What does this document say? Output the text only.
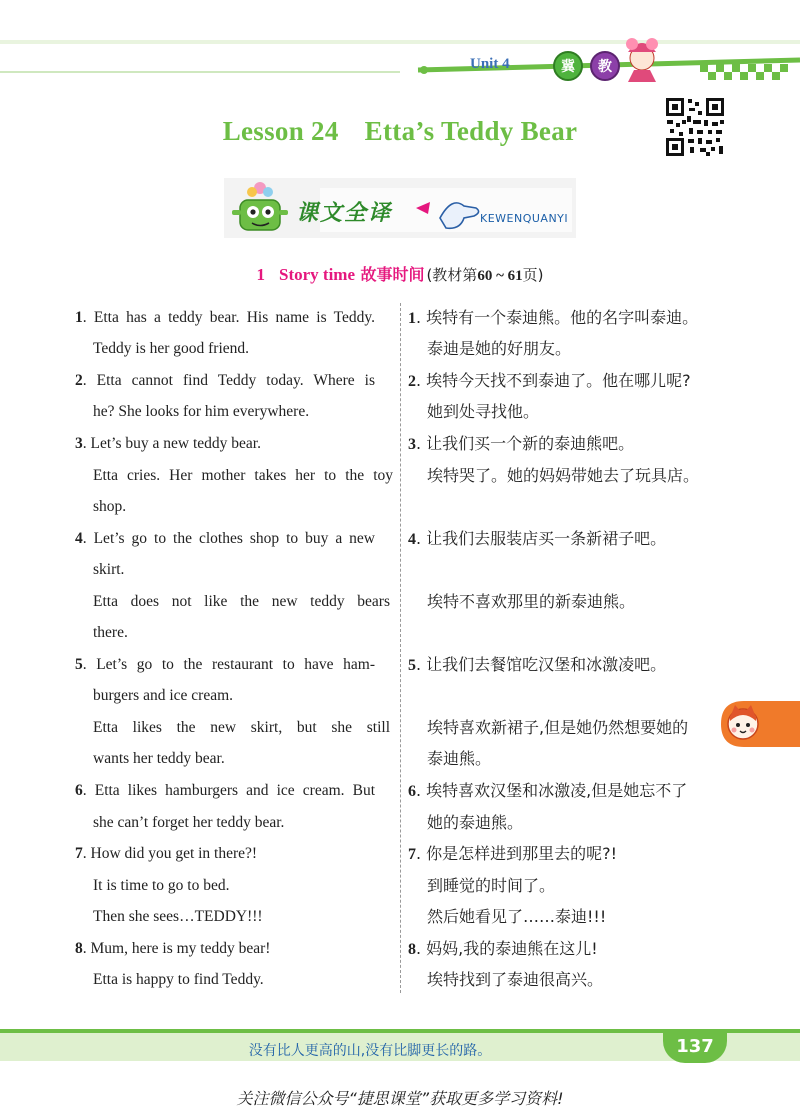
Unit 4	冀	教
Lesson 24 Etta’s Teddy Bear
课文全译	KEWENQUANYI
1 Story time 故事时间 (教材第60 ~ 61页)
1. Etta has a teddy bear. His name is Teddy.
Teddy is her good friend.
2. Etta cannot find Teddy today. Where is
he? She looks for him everywhere.
3. Let’s buy a new teddy bear.
Etta cries. Her mother takes her to the toy
shop.
4. Let’s go to the clothes shop to buy a new
skirt.
Etta does not like the new teddy bears
there.
5. Let’s go to the restaurant to have ham-
burgers and ice cream.
Etta likes the new skirt, but she still
wants her teddy bear.
6. Etta likes hamburgers and ice cream. But
she can’t forget her teddy bear.
7. How did you get in there?!
It is time to go to bed.
Then she sees…TEDDY!!!
8. Mum, here is my teddy bear!
Etta is happy to find Teddy.
1. 埃特有一个泰迪熊。他的名字叫泰迪。
泰迪是她的好朋友。
2. 埃特今天找不到泰迪了。他在哪儿呢?
她到处寻找他。
3. 让我们买一个新的泰迪熊吧。
埃特哭了。她的妈妈带她去了玩具店。
4. 让我们去服装店买一条新裙子吧。
埃特不喜欢那里的新泰迪熊。
5. 让我们去餐馆吃汉堡和冰激凌吧。
埃特喜欢新裙子,但是她仍然想要她的
泰迪熊。
6. 埃特喜欢汉堡和冰激凌,但是她忘不了
她的泰迪熊。
7. 你是怎样进到那里去的呢?!
到睡觉的时间了。
然后她看见了……泰迪!!!
8. 妈妈,我的泰迪熊在这儿!
埃特找到了泰迪很高兴。
没有比人更高的山,没有比脚更长的路。	137
关注微信公众号“捷思课堂”获取更多学习资料!
